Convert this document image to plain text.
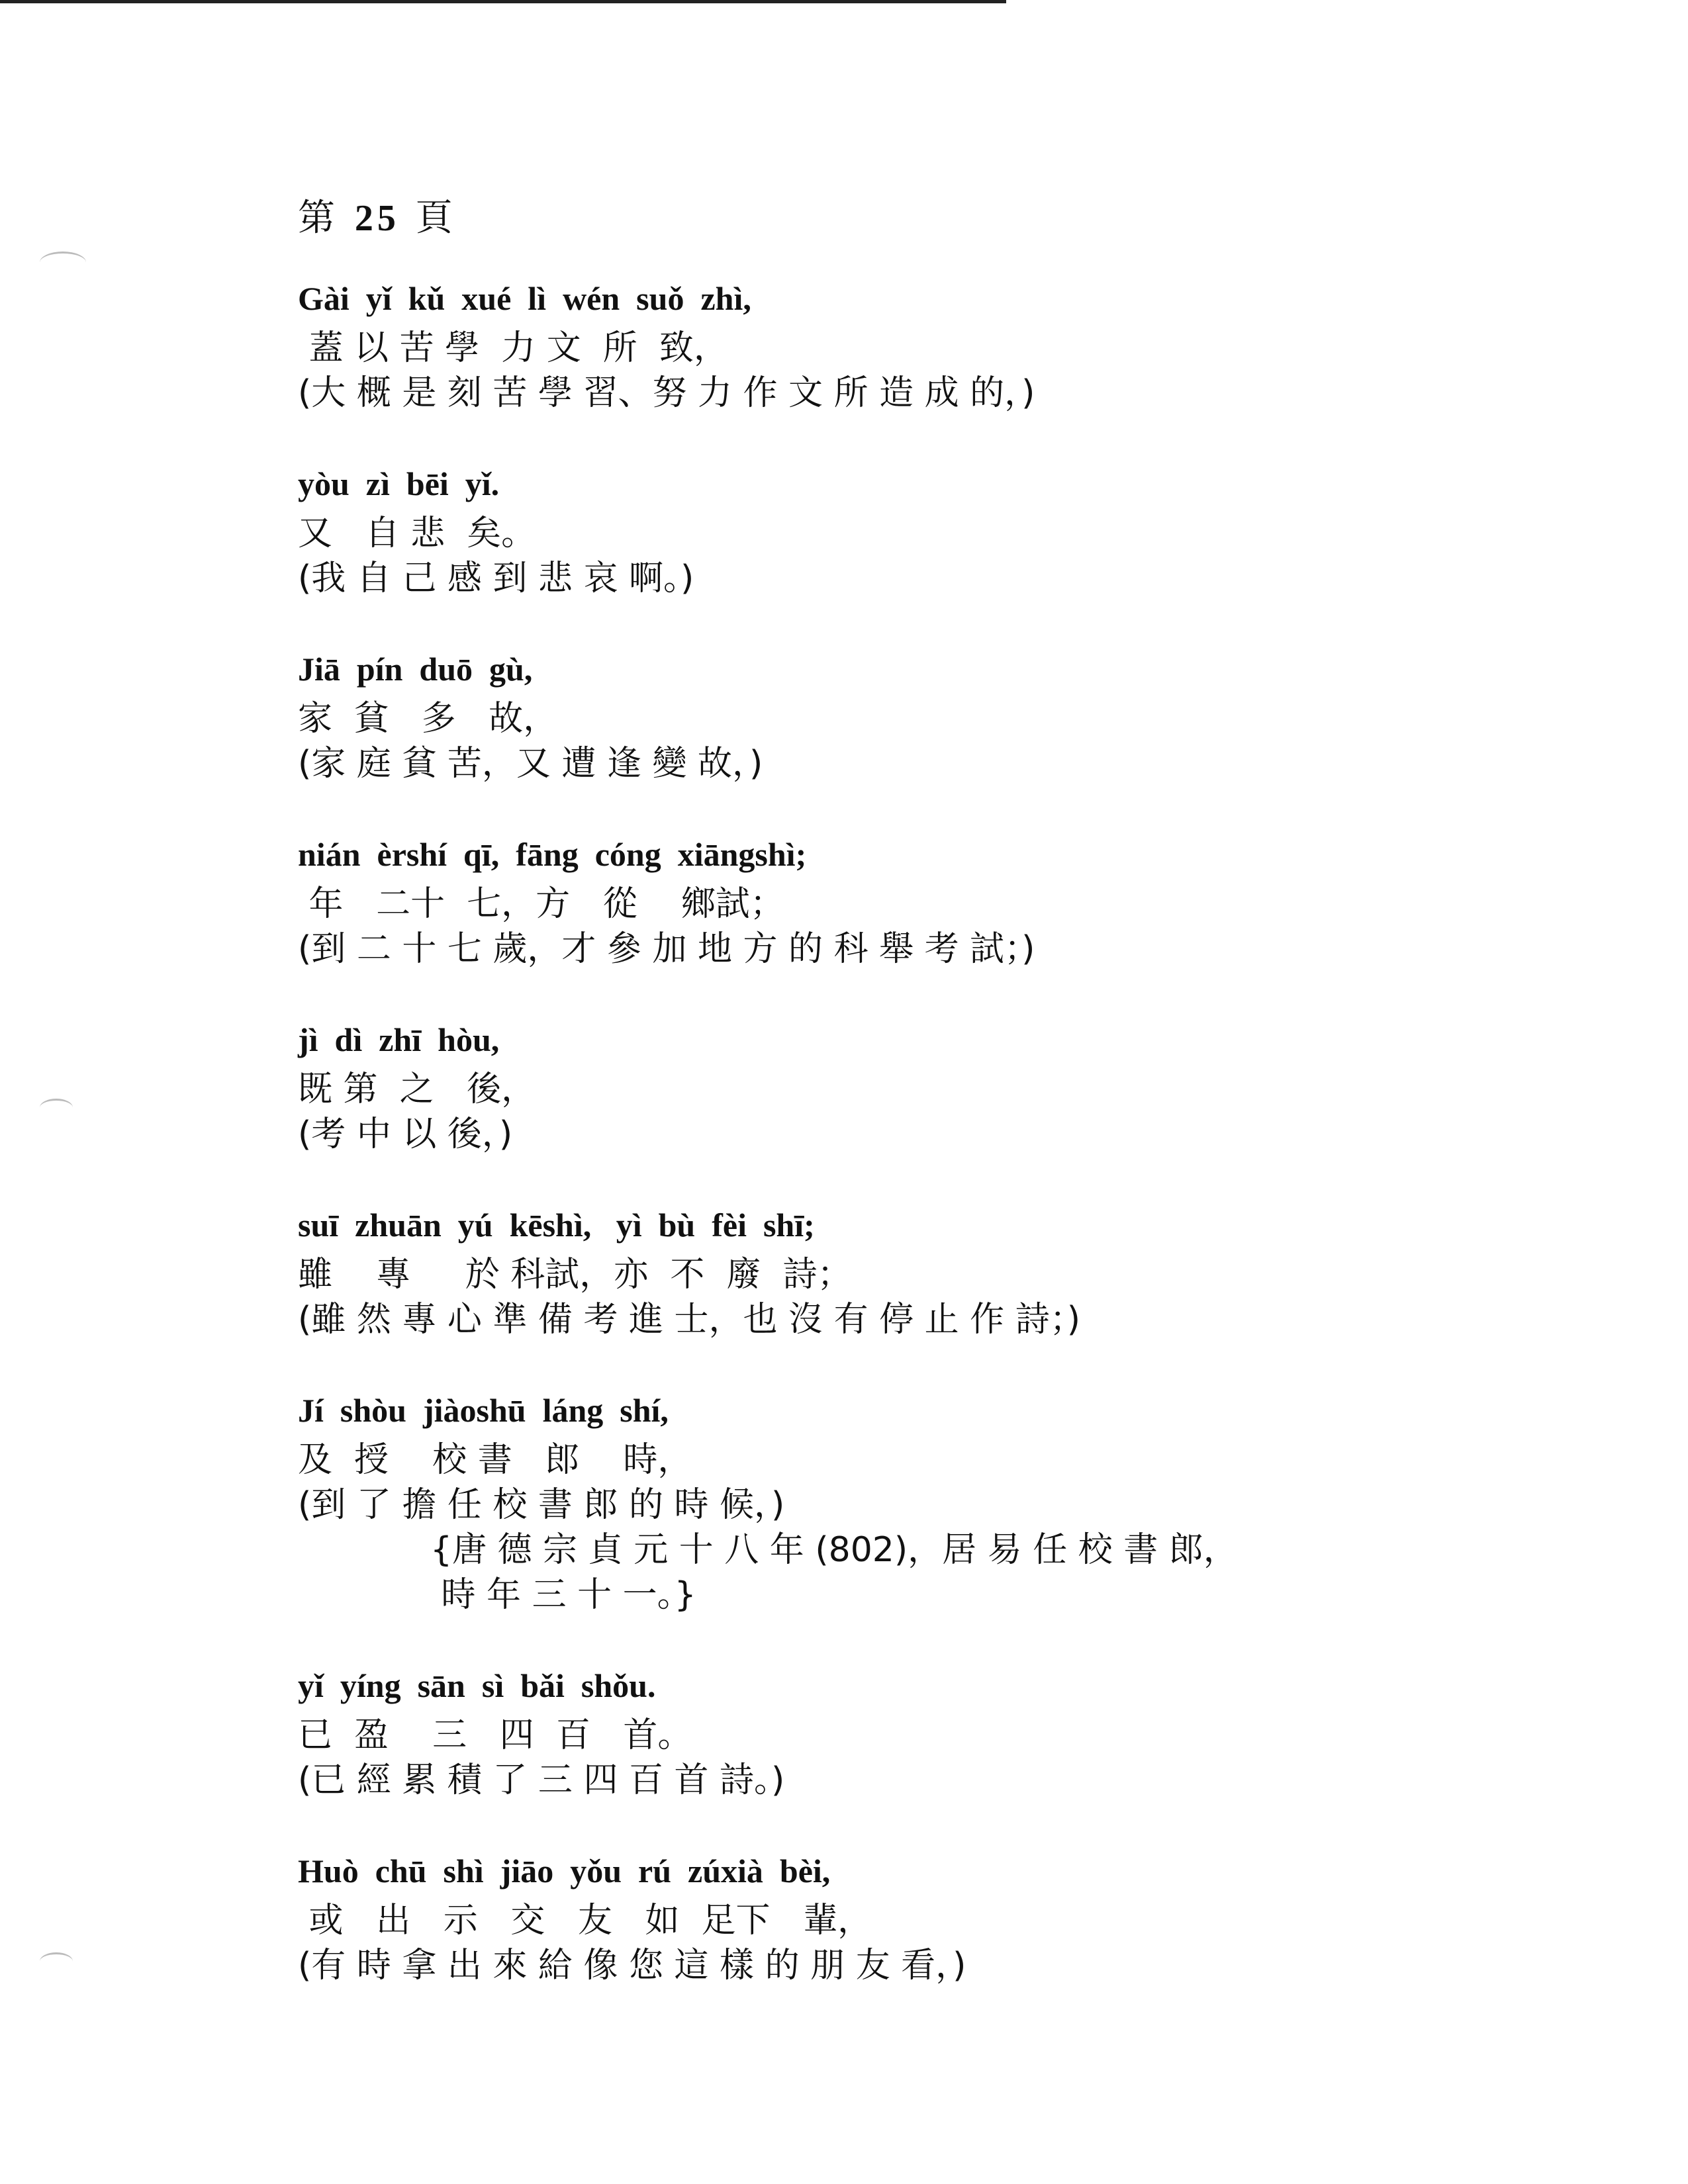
第 25 頁
Gài  yǐ  kǔ  xué  lì  wén  suǒ  zhì,
蓋 以 苦 學  力 文  所  致，
(大 概 是 刻 苦 學 習、努 力 作 文 所 造 成 的，)
yòu  zì  bēi  yǐ.
又   自 悲  矣。
(我 自 己 感 到 悲 哀 啊。)
Jiā  pín  duō  gù,
家  貧   多   故，
(家 庭 貧 苦，又 遭 逢 變 故，)
nián  èrshí  qī,  fāng  cóng  xiāngshì;
年   二十  七，方   從    鄉試；
(到 二 十 七 歲，才 參 加 地 方 的 科 舉 考 試；)
jì  dì  zhī  hòu,
既 第  之   後，
(考 中 以 後，)
suī  zhuān  yú  kēshì,   yì  bù  fèi  shī;
雖    專     於 科試，亦  不  廢  詩；
(雖 然 專 心 準 備 考 進 士，也 沒 有 停 止 作 詩；)
Jí  shòu  jiàoshū  láng  shí,
及  授    校 書   郎    時，
(到 了 擔 任 校 書 郎 的 時 候，)
{唐 德 宗 貞 元 十 八 年 (802)，居 易 任 校 書 郎，
時 年 三 十 一。}
yǐ  yíng  sān  sì  bǎi  shǒu.
已  盈    三   四  百   首。
(已 經 累 積 了 三 四 百 首 詩。)
Huò  chū  shì  jiāo  yǒu  rú  zúxià  bèi,
或   出   示   交   友   如  足下   輩，
(有 時 拿 出 來 給 像 您 這 樣 的 朋 友 看，)
